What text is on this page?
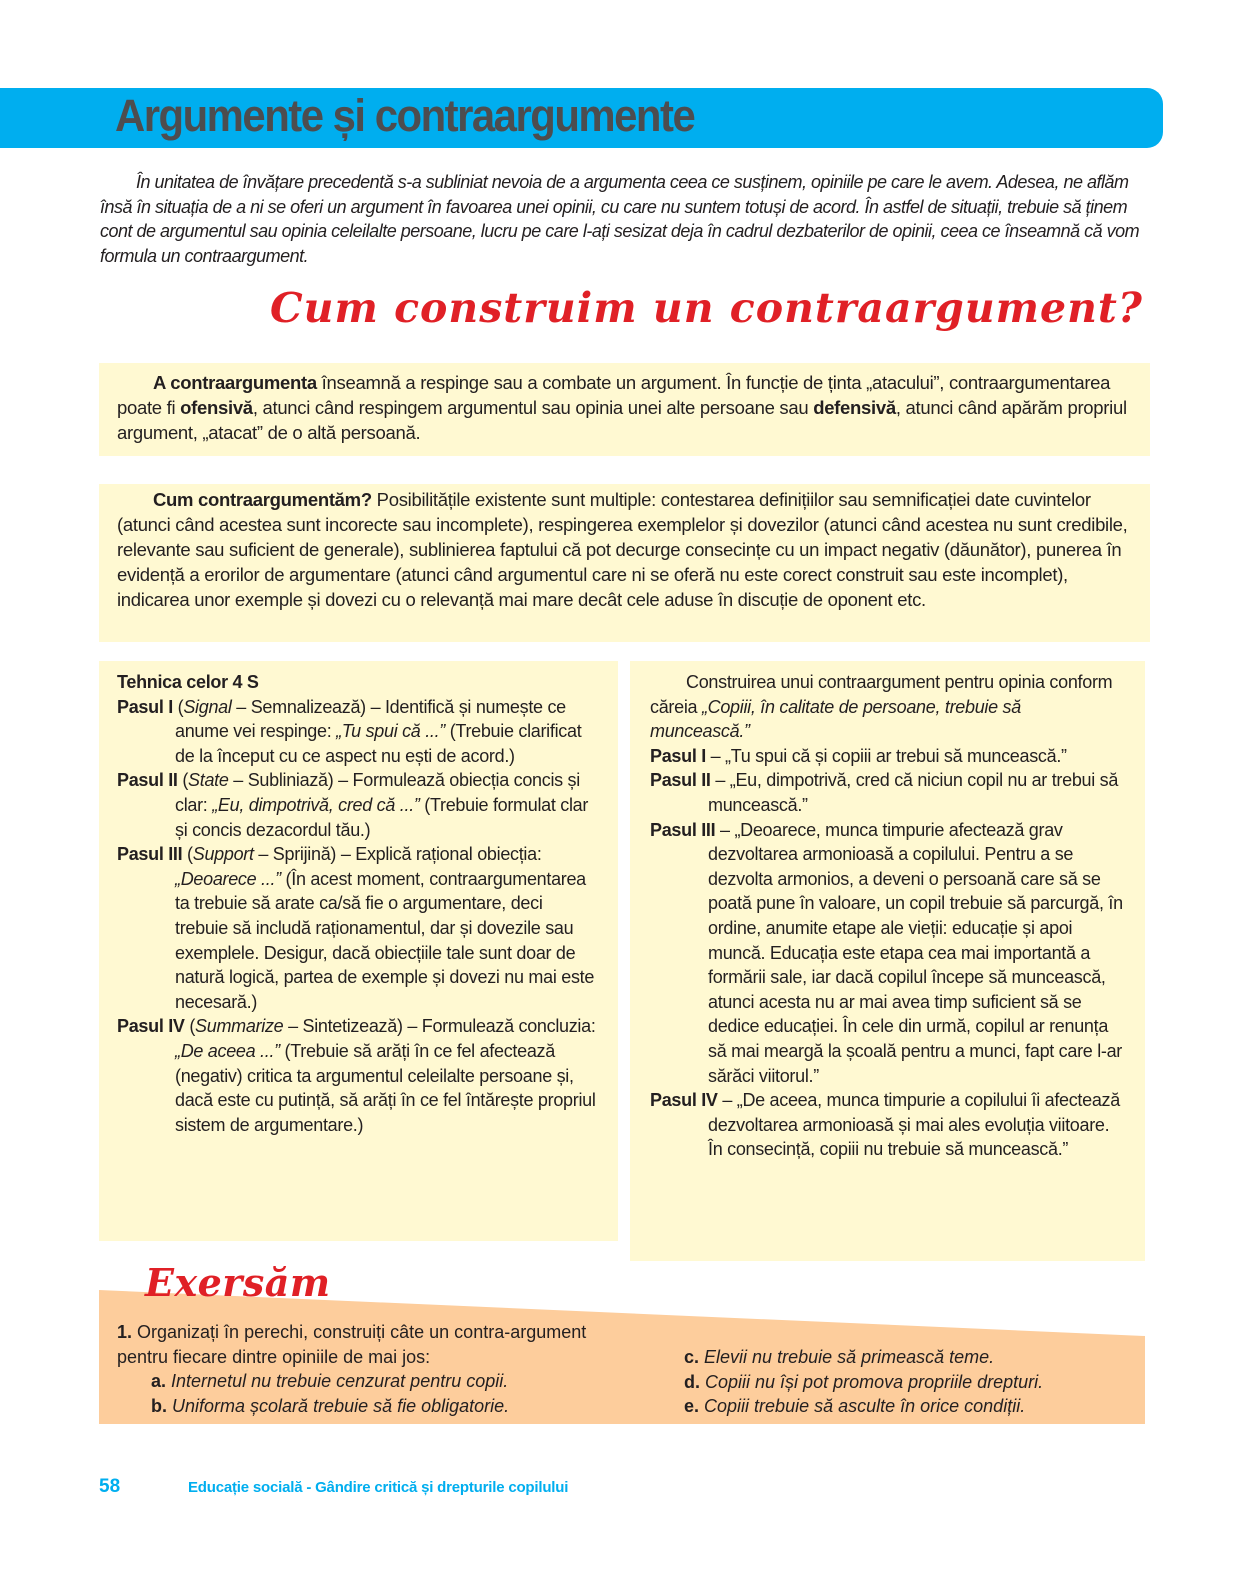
Argumente și contraargumente

În unitatea de învățare precedentă s-a subliniat nevoia de a argumenta ceea ce susținem, opiniile pe care le avem. Adesea, ne aflăm însă în situația de a ni se oferi un argument în favoarea unei opinii, cu care nu suntem totuși de acord. În astfel de situații, trebuie să ținem cont de argumentul sau opinia celeilalte persoane, lucru pe care l-ați sesizat deja în cadrul dezbaterilor de opinii, ceea ce înseamnă că vom formula un contraargument.

Cum construim un contraargument?

A contraargumenta înseamnă a respinge sau a combate un argument. În funcție de ținta „atacului”, contraargumentarea poate fi ofensivă, atunci când respingem argumentul sau opinia unei alte persoane sau defensivă, atunci când apărăm propriul argument, „atacat” de o altă persoană.

Cum contraargumentăm? Posibilitățile existente sunt multiple: contestarea definițiilor sau semnificației date cuvintelor (atunci când acestea sunt incorecte sau incomplete), respingerea exemplelor și dovezilor (atunci când acestea nu sunt credibile, relevante sau suficient de generale), sublinierea faptului că pot decurge consecințe cu un impact negativ (dăunător), punerea în evidență a erorilor de argumentare (atunci când argumentul care ni se oferă nu este corect construit sau este incomplet), indicarea unor exemple și dovezi cu o relevanță mai mare decât cele aduse în discuție de oponent etc.

Tehnica celor 4 S
Pasul I (Signal – Semnalizează) – Identifică și numește ce anume vei respinge: „Tu spui că ...” (Trebuie clarificat de la început cu ce aspect nu ești de acord.)
Pasul II (State – Subliniază) – Formulează obiecția concis și clar: „Eu, dimpotrivă, cred că ...” (Trebuie formulat clar și concis dezacordul tău.)
Pasul III (Support – Sprijină) – Explică rațional obiecția: „Deoarece ...” (În acest moment, contraargumentarea ta trebuie să arate ca/să fie o argumentare, deci trebuie să includă raționamentul, dar și dovezile sau exemplele. Desigur, dacă obiecțiile tale sunt doar de natură logică, partea de exemple și dovezi nu mai este necesară.)
Pasul IV (Summarize – Sintetizează) – Formulează concluzia: „De aceea ...” (Trebuie să arăți în ce fel afectează (negativ) critica ta argumentul celeilalte persoane și, dacă este cu putință, să arăți în ce fel întărește propriul sistem de argumentare.)

Construirea unui contraargument pentru opinia conform căreia „Copiii, în calitate de persoane, trebuie să muncească.”

Pasul I – „Tu spui că și copiii ar trebui să muncească.”
Pasul II – „Eu, dimpotrivă, cred că niciun copil nu ar trebui să muncească.”
Pasul III – „Deoarece, munca timpurie afectează grav dezvoltarea armonioasă a copilului. Pentru a se dezvolta armonios, a deveni o persoană care să se poată pune în valoare, un copil trebuie să parcurgă, în ordine, anumite etape ale vieții: educație și apoi muncă. Educația este etapa cea mai importantă a formării sale, iar dacă copilul începe să muncească, atunci acesta nu ar mai avea timp suficient să se dedice educației. În cele din urmă, copilul ar renunța să mai meargă la școală pentru a munci, fapt care l-ar sărăci viitorul.”
Pasul IV – „De aceea, munca timpurie a copilului îi afectează dezvoltarea armonioasă și mai ales evoluția viitoare. În consecință, copiii nu trebuie să muncească.”
Exersăm
1. Organizați în perechi, construiți câte un contra-argument pentru fiecare dintre opiniile de mai jos:
a. Internetul nu trebuie cenzurat pentru copii.
b. Uniforma școlară trebuie să fie obligatorie.
c. Elevii nu trebuie să primească teme.
d. Copiii nu își pot promova propriile drepturi.
e. Copiii trebuie să asculte în orice condiții.
58	Educație socială - Gândire critică și drepturile copilului
